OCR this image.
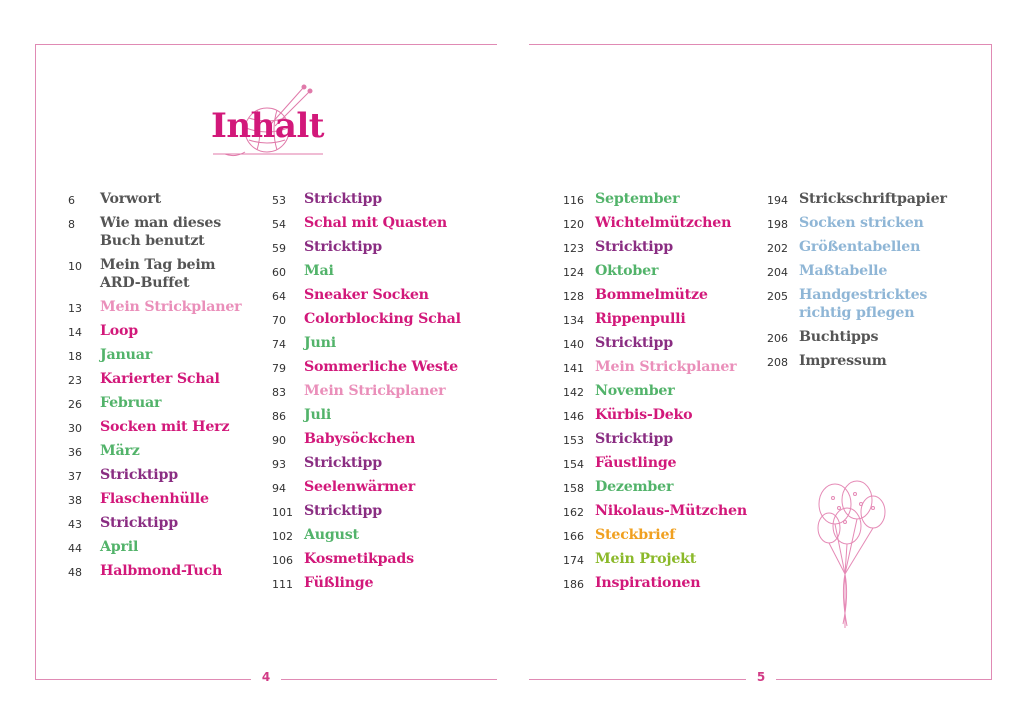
4	5
Inhalt
6	Vorwort
8	Wie man dieses
Buch benutzt
10	Mein Tag beim
ARD-Buffet
13	Mein Strickplaner
14	Loop
18	Januar
23	Karierter Schal
26	Februar
30	Socken mit Herz
36	März
37	Stricktipp
38	Flaschenhülle
43	Stricktipp
44	April
48	Halbmond-Tuch
53	Stricktipp
54	Schal mit Quasten
59	Stricktipp
60	Mai
64	Sneaker Socken
70	Colorblocking Schal
74	Juni
79	Sommerliche Weste
83	Mein Strickplaner
86	Juli
90	Babysöckchen
93	Stricktipp
94	Seelenwärmer
101 Stricktipp
102 August
106 Kosmetikpads
111 Füßlinge
116 September
120 Wichtelmützchen
123 Stricktipp
124 Oktober
128 Bommelmütze
134 Rippenpulli
140 Stricktipp
141 Mein Strickplaner
142 November
146 Kürbis-Deko
153 Stricktipp
154 Fäustlinge
158 Dezember
162 Nikolaus-Mützchen
166 Steckbrief
174 Mein Projekt
186 Inspirationen
194 Strickschriftpapier
198 Socken stricken
202 Größentabellen
204 Maßtabelle
205 Handgestricktes
richtig pflegen
206 Buchtipps
208 Impressum
